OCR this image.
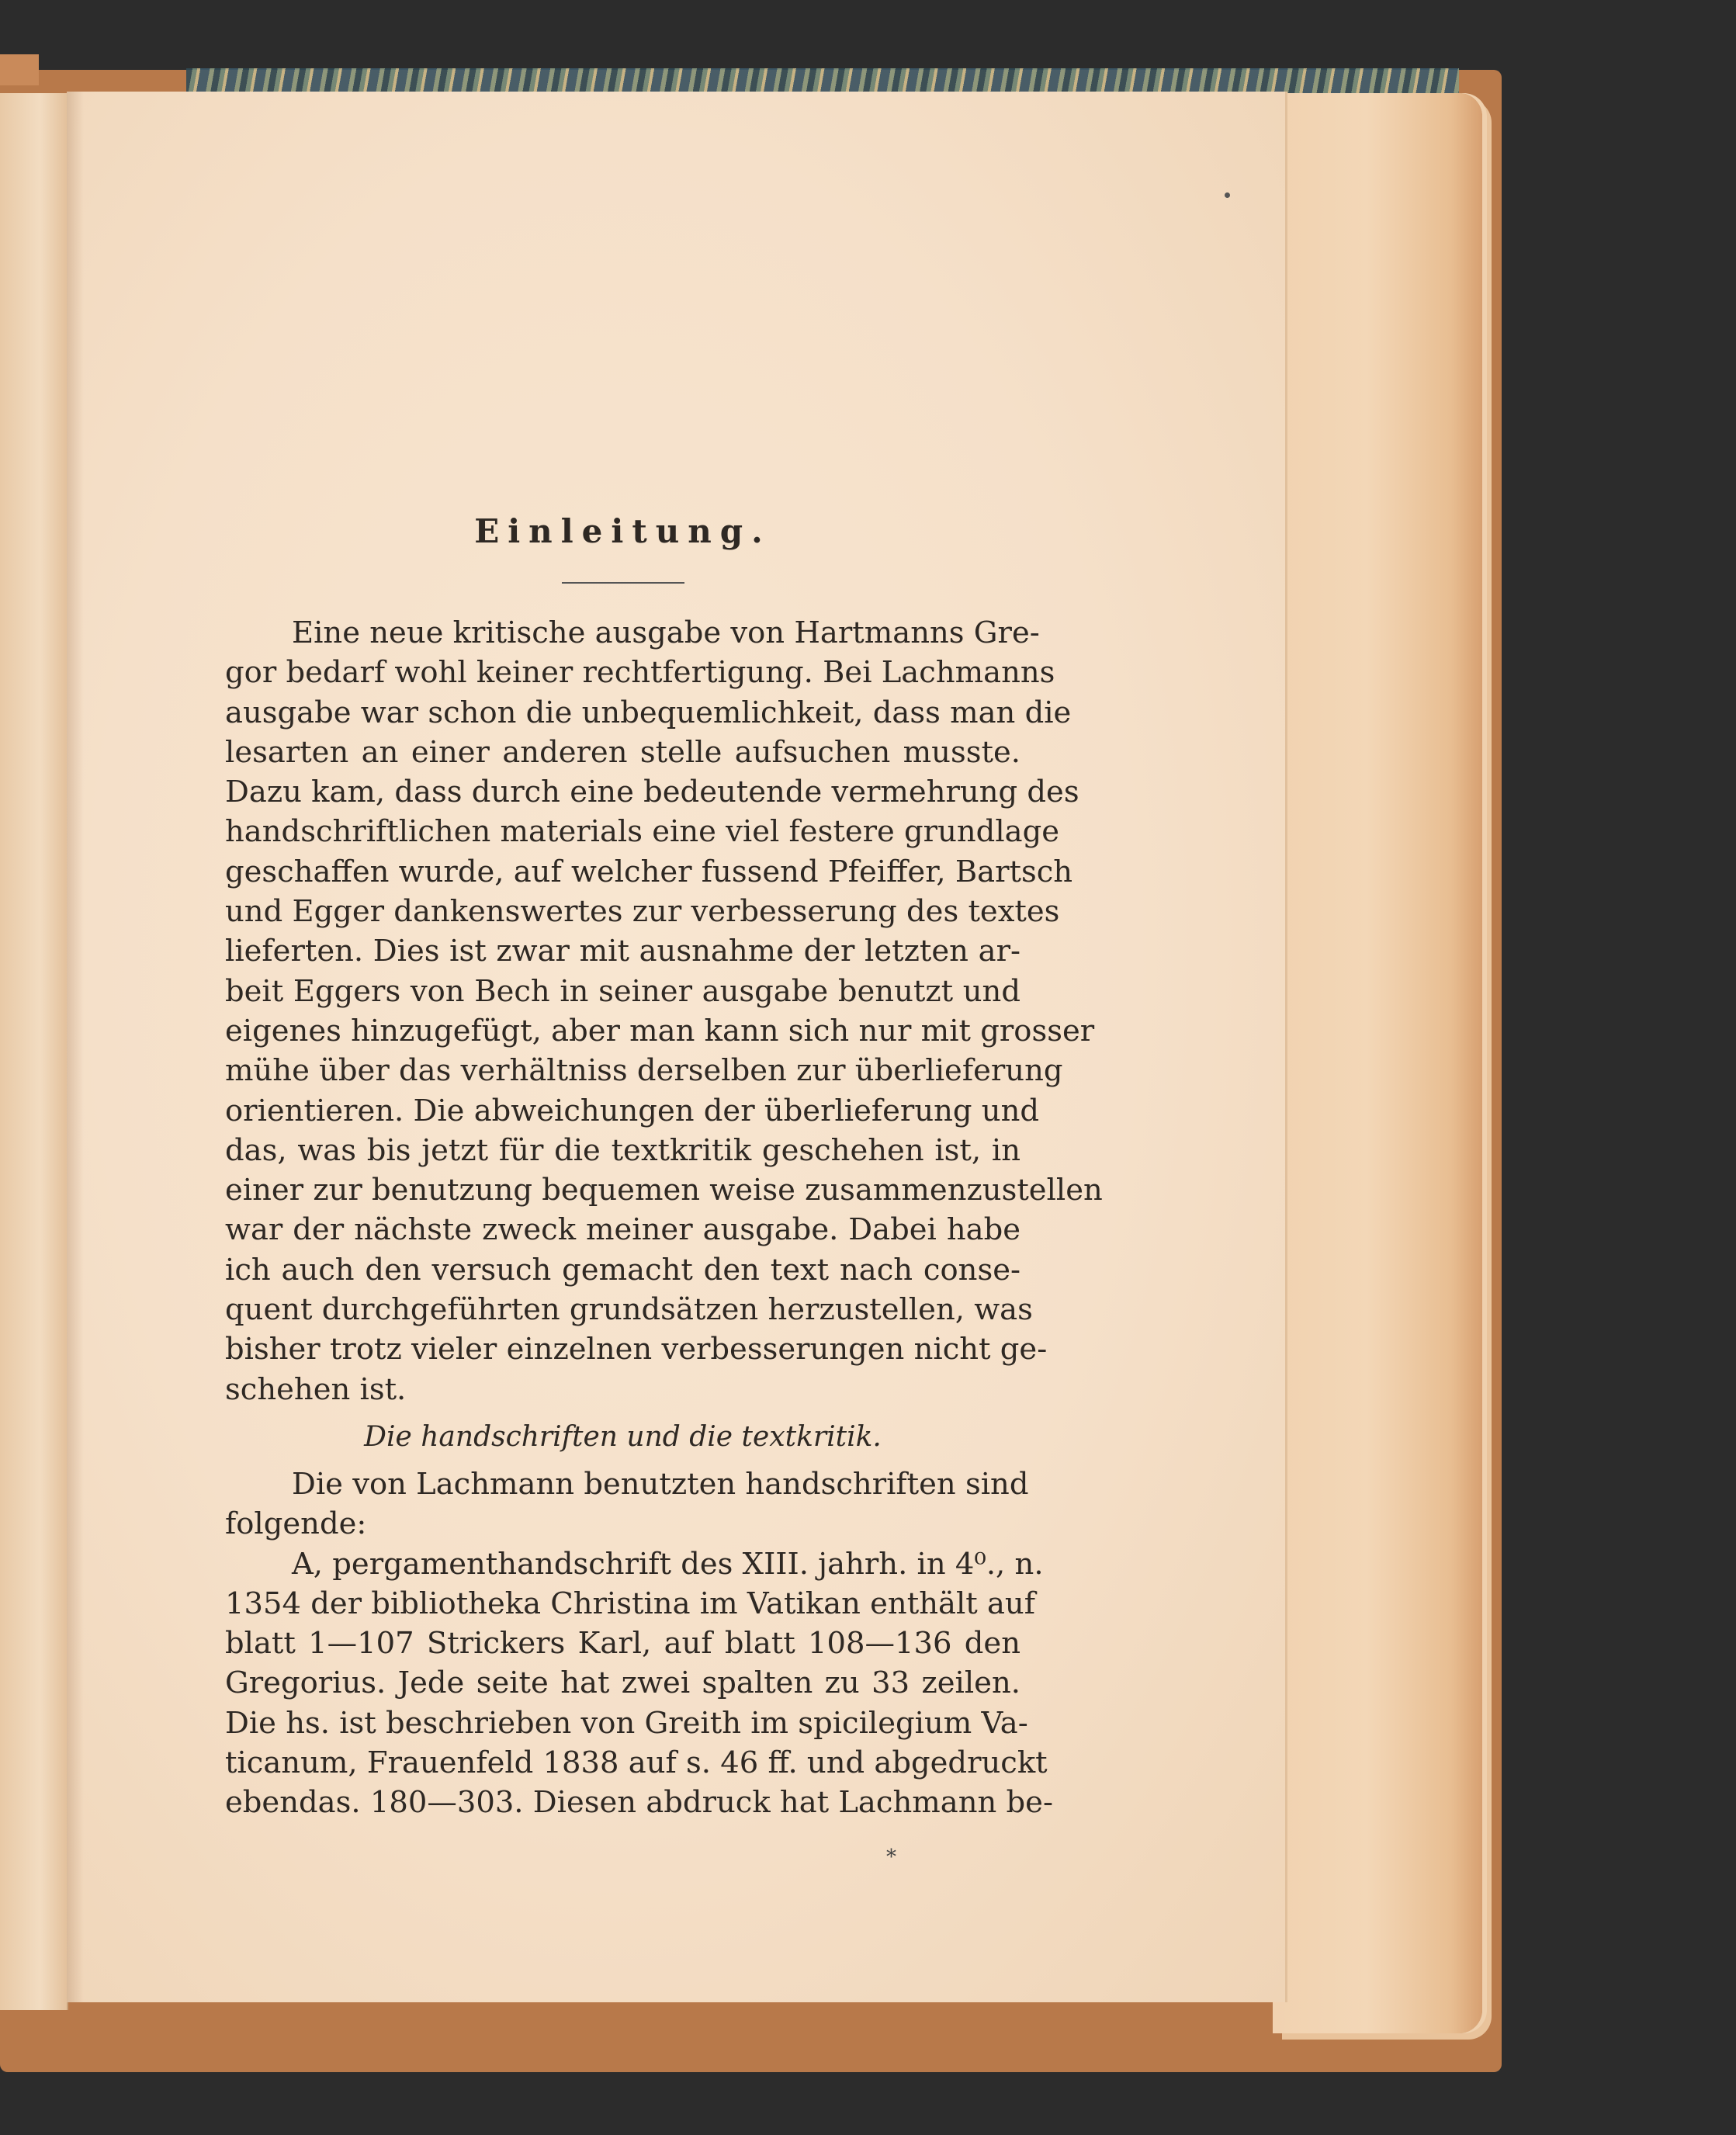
Einleitung.
Eine neue kritische ausgabe von Hartmanns Gre-
gor bedarf wohl keiner rechtfertigung. Bei Lachmanns
ausgabe war schon die unbequemlichkeit, dass man die
lesarten an einer anderen stelle aufsuchen musste.
Dazu kam, dass durch eine bedeutende vermehrung des
handschriftlichen materials eine viel festere grundlage
geschaffen wurde, auf welcher fussend Pfeiffer, Bartsch
und Egger dankenswertes zur verbesserung des textes
lieferten. Dies ist zwar mit ausnahme der letzten ar-
beit Eggers von Bech in seiner ausgabe benutzt und
eigenes hinzugefügt, aber man kann sich nur mit grosser
mühe über das verhältniss derselben zur überlieferung
orientieren. Die abweichungen der überlieferung und
das, was bis jetzt für die textkritik geschehen ist, in
einer zur benutzung bequemen weise zusammenzustellen
war der nächste zweck meiner ausgabe. Dabei habe
ich auch den versuch gemacht den text nach conse-
quent durchgeführten grundsätzen herzustellen, was
bisher trotz vieler einzelnen verbesserungen nicht ge-
schehen ist.
Die handschriften und die textkritik.
Die von Lachmann benutzten handschriften sind
folgende:
A, pergamenthandschrift des XIII. jahrh. in 4⁰., n.
1354 der bibliotheka Christina im Vatikan enthält auf
blatt 1—107 Strickers Karl, auf blatt 108—136 den
Gregorius. Jede seite hat zwei spalten zu 33 zeilen.
Die hs. ist beschrieben von Greith im spicilegium Va-
ticanum, Frauenfeld 1838 auf s. 46 ff. und abgedruckt
ebendas. 180—303. Diesen abdruck hat Lachmann be-
*
